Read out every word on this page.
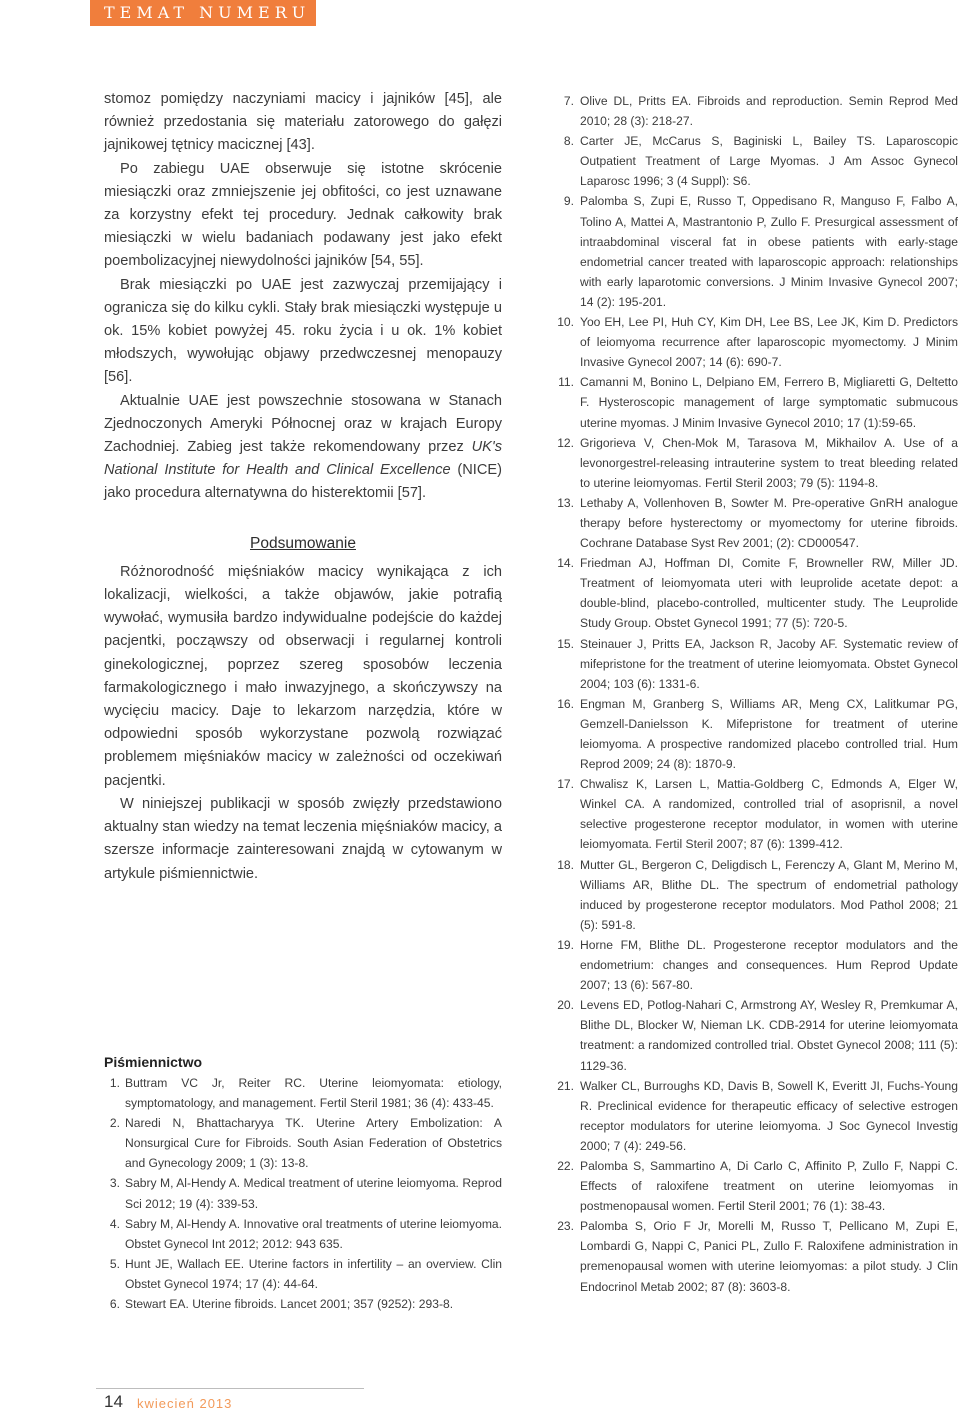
TEMAT NUMERU

stomoz pomiędzy naczyniami macicy i jajników [45], ale również przedostania się materiału zatorowego do gałęzi jajnikowej tętnicy macicznej [43].

Po zabiegu UAE obserwuje się istotne skrócenie miesiączki oraz zmniejszenie jej obfitości, co jest uznawane za korzystny efekt tej procedury. Jednak całkowity brak miesiączki w wielu badaniach podawany jest jako efekt poembolizacyjnej niewydolności jajników [54, 55].

Brak miesiączki po UAE jest zazwyczaj przemijający i ogranicza się do kilku cykli. Stały brak miesiączki występuje u ok. 15% kobiet powyżej 45. roku życia i u ok. 1% kobiet młodszych, wywołując objawy przedwczesnej menopauzy [56].

Aktualnie UAE jest powszechnie stosowana w Stanach Zjednoczonych Ameryki Północnej oraz w krajach Europy Zachodniej. Zabieg jest także rekomendowany przez UK's National Institute for Health and Clinical Excellence (NICE) jako procedura alternatywna do histerektomii [57].

Podsumowanie

Różnorodność mięśniaków macicy wynikająca z ich lokalizacji, wielkości, a także objawów, jakie potrafią wywołać, wymusiła bardzo indywidualne podejście do każdej pacjentki, począwszy od obserwacji i regularnej kontroli ginekologicznej, poprzez szereg sposobów leczenia farmakologicznego i mało inwazyjnego, a skończywszy na wycięciu macicy. Daje to lekarzom narzędzia, które w odpowiedni sposób wykorzystane pozwolą rozwiązać problemem mięśniaków macicy w zależności od oczekiwań pacjentki.

W niniejszej publikacji w sposób zwięzły przedstawiono aktualny stan wiedzy na temat leczenia mięśniaków macicy, a szersze informacje zainteresowani znajdą w cytowanym w artykule piśmiennictwie.

Piśmiennictwo
1. Buttram VC Jr, Reiter RC. Uterine leiomyomata: etiology, symptomatology, and management. Fertil Steril 1981; 36 (4): 433-45.
2. Naredi N, Bhattacharyya TK. Uterine Artery Embolization: A Nonsurgical Cure for Fibroids. South Asian Federation of Obstetrics and Gynecology 2009; 1 (3): 13-8.
3. Sabry M, Al-Hendy A. Medical treatment of uterine leiomyoma. Reprod Sci 2012; 19 (4): 339-53.
4. Sabry M, Al-Hendy A. Innovative oral treatments of uterine leiomyoma. Obstet Gynecol Int 2012; 2012: 943 635.
5. Hunt JE, Wallach EE. Uterine factors in infertility – an overview. Clin Obstet Gynecol 1974; 17 (4): 44-64.
6. Stewart EA. Uterine fibroids. Lancet 2001; 357 (9252): 293-8.
7. Olive DL, Pritts EA. Fibroids and reproduction. Semin Reprod Med 2010; 28 (3): 218-27.
8. Carter JE, McCarus S, Baginiski L, Bailey TS. Laparoscopic Outpatient Treatment of Large Myomas. J Am Assoc Gynecol Laparosc 1996; 3 (4 Suppl): S6.
9. Palomba S, Zupi E, Russo T, Oppedisano R, Manguso F, Falbo A, Tolino A, Mattei A, Mastrantonio P, Zullo F. Presurgical assessment of intraabdominal visceral fat in obese patients with early-stage endometrial cancer treated with laparoscopic approach: relationships with early laparotomic conversions. J Minim Invasive Gynecol 2007; 14 (2): 195-201.
10. Yoo EH, Lee PI, Huh CY, Kim DH, Lee BS, Lee JK, Kim D. Predictors of leiomyoma recurrence after laparoscopic myomectomy. J Minim Invasive Gynecol 2007; 14 (6): 690-7.
11. Camanni M, Bonino L, Delpiano EM, Ferrero B, Migliaretti G, Deltetto F. Hysteroscopic management of large symptomatic submucous uterine myomas. J Minim Invasive Gynecol 2010; 17 (1):59-65.
12. Grigorieva V, Chen-Mok M, Tarasova M, Mikhailov A. Use of a levonorgestrel-releasing intrauterine system to treat bleeding related to uterine leiomyomas. Fertil Steril 2003; 79 (5): 1194-8.
13. Lethaby A, Vollenhoven B, Sowter M. Pre-operative GnRH analogue therapy before hysterectomy or myomectomy for uterine fibroids. Cochrane Database Syst Rev 2001; (2): CD000547.
14. Friedman AJ, Hoffman DI, Comite F, Browneller RW, Miller JD. Treatment of leiomyomata uteri with leuprolide acetate depot: a double-blind, placebo-controlled, multicenter study. The Leuprolide Study Group. Obstet Gynecol 1991; 77 (5): 720-5.
15. Steinauer J, Pritts EA, Jackson R, Jacoby AF. Systematic review of mifepristone for the treatment of uterine leiomyomata. Obstet Gynecol 2004; 103 (6): 1331-6.
16. Engman M, Granberg S, Williams AR, Meng CX, Lalitkumar PG, Gemzell-Danielsson K. Mifepristone for treatment of uterine leiomyoma. A prospective randomized placebo controlled trial. Hum Reprod 2009; 24 (8): 1870-9.
17. Chwalisz K, Larsen L, Mattia-Goldberg C, Edmonds A, Elger W, Winkel CA. A randomized, controlled trial of asoprisnil, a novel selective progesterone receptor modulator, in women with uterine leiomyomata. Fertil Steril 2007; 87 (6): 1399-412.
18. Mutter GL, Bergeron C, Deligdisch L, Ferenczy A, Glant M, Merino M, Williams AR, Blithe DL. The spectrum of endometrial pathology induced by progesterone receptor modulators. Mod Pathol 2008; 21 (5): 591-8.
19. Horne FM, Blithe DL. Progesterone receptor modulators and the endometrium: changes and consequences. Hum Reprod Update 2007; 13 (6): 567-80.
20. Levens ED, Potlog-Nahari C, Armstrong AY, Wesley R, Premkumar A, Blithe DL, Blocker W, Nieman LK. CDB-2914 for uterine leiomyomata treatment: a randomized controlled trial. Obstet Gynecol 2008; 111 (5): 1129-36.
21. Walker CL, Burroughs KD, Davis B, Sowell K, Everitt JI, Fuchs-Young R. Preclinical evidence for therapeutic efficacy of selective estrogen receptor modulators for uterine leiomyoma. J Soc Gynecol Investig 2000; 7 (4): 249-56.
22. Palomba S, Sammartino A, Di Carlo C, Affinito P, Zullo F, Nappi C. Effects of raloxifene treatment on uterine leiomyomas in postmenopausal women. Fertil Steril 2001; 76 (1): 38-43.
23. Palomba S, Orio F Jr, Morelli M, Russo T, Pellicano M, Zupi E, Lombardi G, Nappi C, Panici PL, Zullo F. Raloxifene administration in premenopausal women with uterine leiomyomas: a pilot study. J Clin Endocrinol Metab 2002; 87 (8): 3603-8.
14 kwiecień 2013
